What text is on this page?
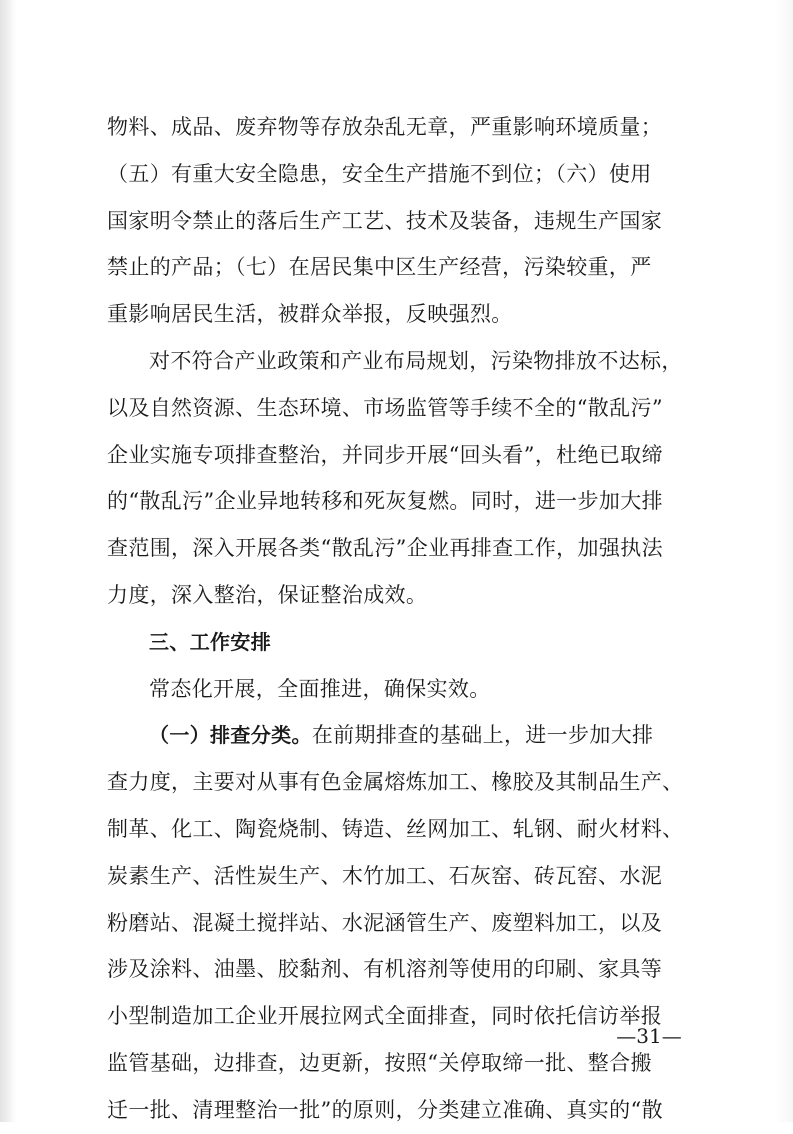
物料、成品、废弃物等存放杂乱无章，严重影响环境质量；
（五）有重大安全隐患，安全生产措施不到位；（六）使用
国家明令禁止的落后生产工艺、技术及装备，违规生产国家
禁止的产品；（七）在居民集中区生产经营，污染较重，严
重影响居民生活，被群众举报，反映强烈。
对不符合产业政策和产业布局规划，污染物排放不达标，
以及自然资源、生态环境、市场监管等手续不全的“散乱污”
企业实施专项排查整治，并同步开展“回头看”，杜绝已取缔
的“散乱污”企业异地转移和死灰复燃。同时，进一步加大排
查范围，深入开展各类“散乱污”企业再排查工作，加强执法
力度，深入整治，保证整治成效。
三、工作安排
常态化开展，全面推进，确保实效。
（一）排查分类。在前期排查的基础上，进一步加大排
查力度，主要对从事有色金属熔炼加工、橡胶及其制品生产、
制革、化工、陶瓷烧制、铸造、丝网加工、轧钢、耐火材料、
炭素生产、活性炭生产、木竹加工、石灰窑、砖瓦窑、水泥
粉磨站、混凝土搅拌站、水泥涵管生产、废塑料加工，以及
涉及涂料、油墨、胶黏剂、有机溶剂等使用的印刷、家具等
小型制造加工企业开展拉网式全面排查，同时依托信访举报
监管基础，边排查，边更新，按照“关停取缔一批、整合搬
迁一批、清理整治一批”的原则，分类建立准确、真实的“散
—31—
